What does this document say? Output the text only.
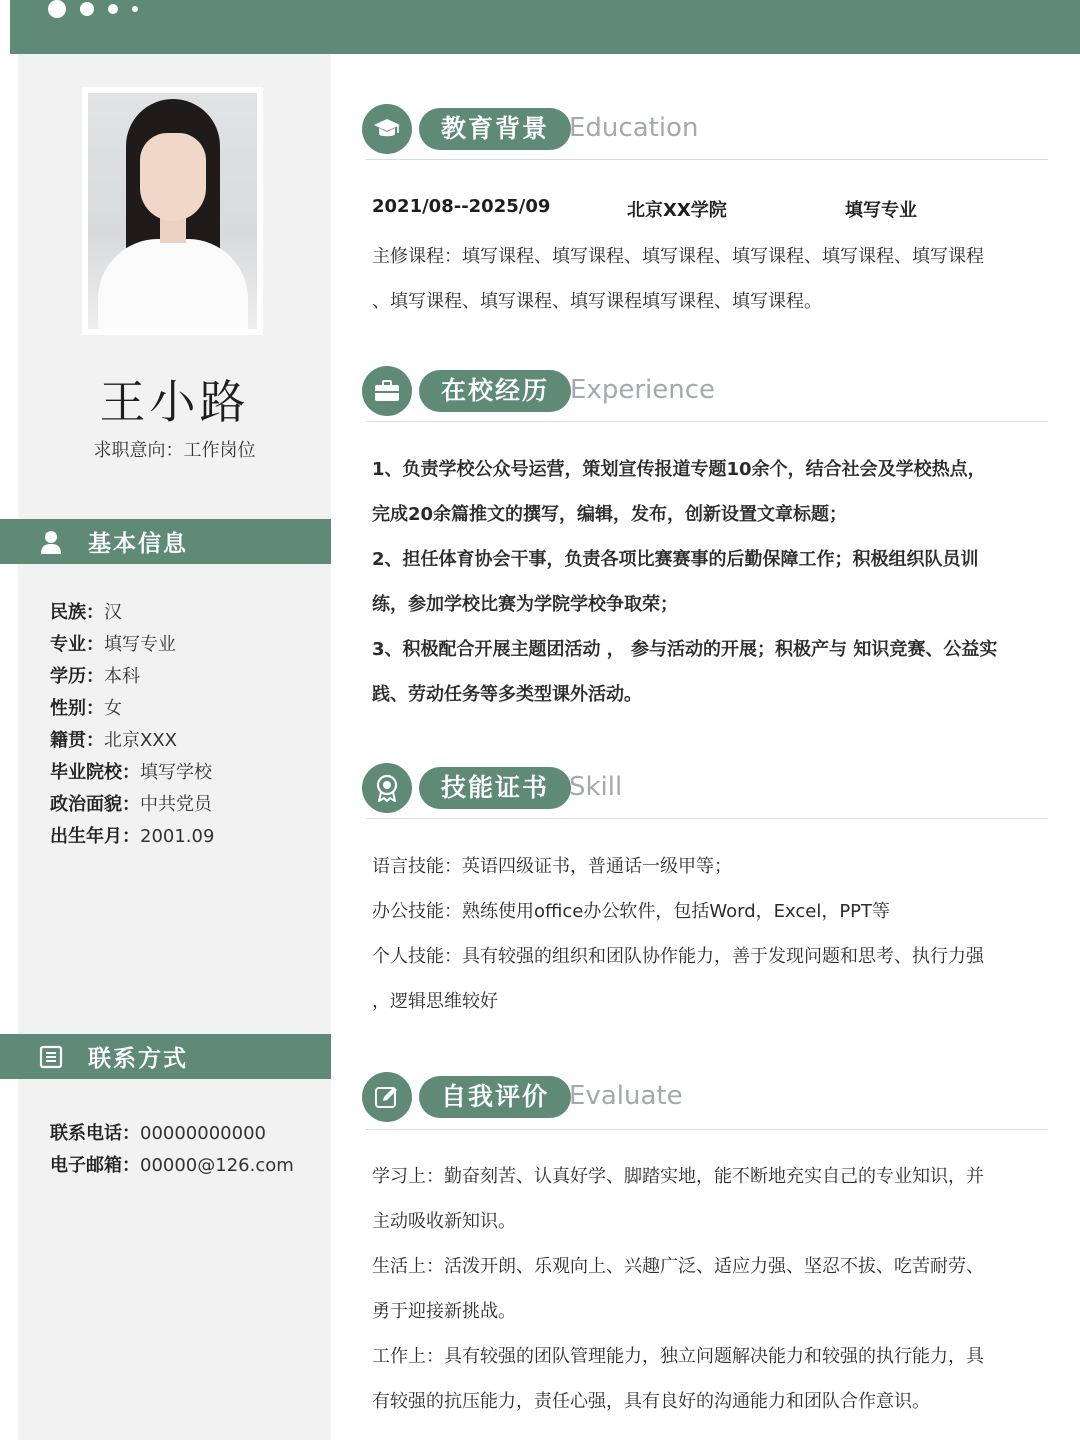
王小路
求职意向：工作岗位
基本信息
民族：汉
专业：填写专业
学历：本科
性别：女
籍贯：北京XXX
毕业院校：填写学校
政治面貌：中共党员
出生年月：2001.09
联系方式
联系电话：00000000000
电子邮箱：00000@126.com
教育背景 Education
2021/08--2025/09	北京XX学院	填写专业
主修课程：填写课程、填写课程、填写课程、填写课程、填写课程、填写课程
、填写课程、填写课程、填写课程填写课程、填写课程。
在校经历 Experience
1、负责学校公众号运营，策划宣传报道专题10余个，结合社会及学校热点，
完成20余篇推文的撰写，编辑，发布，创新设置文章标题；
2、担任体育协会干事，负责各项比赛赛事的后勤保障工作；积极组织队员训
练，参加学校比赛为学院学校争取荣；
3、积极配合开展主题团活动 ， 参与活动的开展；积极产与 知识竞赛、公益实
践、劳动任务等多类型课外活动。
技能证书 Skill
语言技能：英语四级证书，普通话一级甲等；
办公技能：熟练使用office办公软件，包括Word，Excel，PPT等
个人技能：具有较强的组织和团队协作能力，善于发现问题和思考、执行力强
，逻辑思维较好
自我评价 Evaluate
学习上：勤奋刻苦、认真好学、脚踏实地，能不断地充实自己的专业知识，并
主动吸收新知识。
生活上：活泼开朗、乐观向上、兴趣广泛、适应力强、坚忍不拔、吃苦耐劳、
勇于迎接新挑战。
工作上：具有较强的团队管理能力，独立问题解决能力和较强的执行能力，具
有较强的抗压能力，责任心强，具有良好的沟通能力和团队合作意识。
